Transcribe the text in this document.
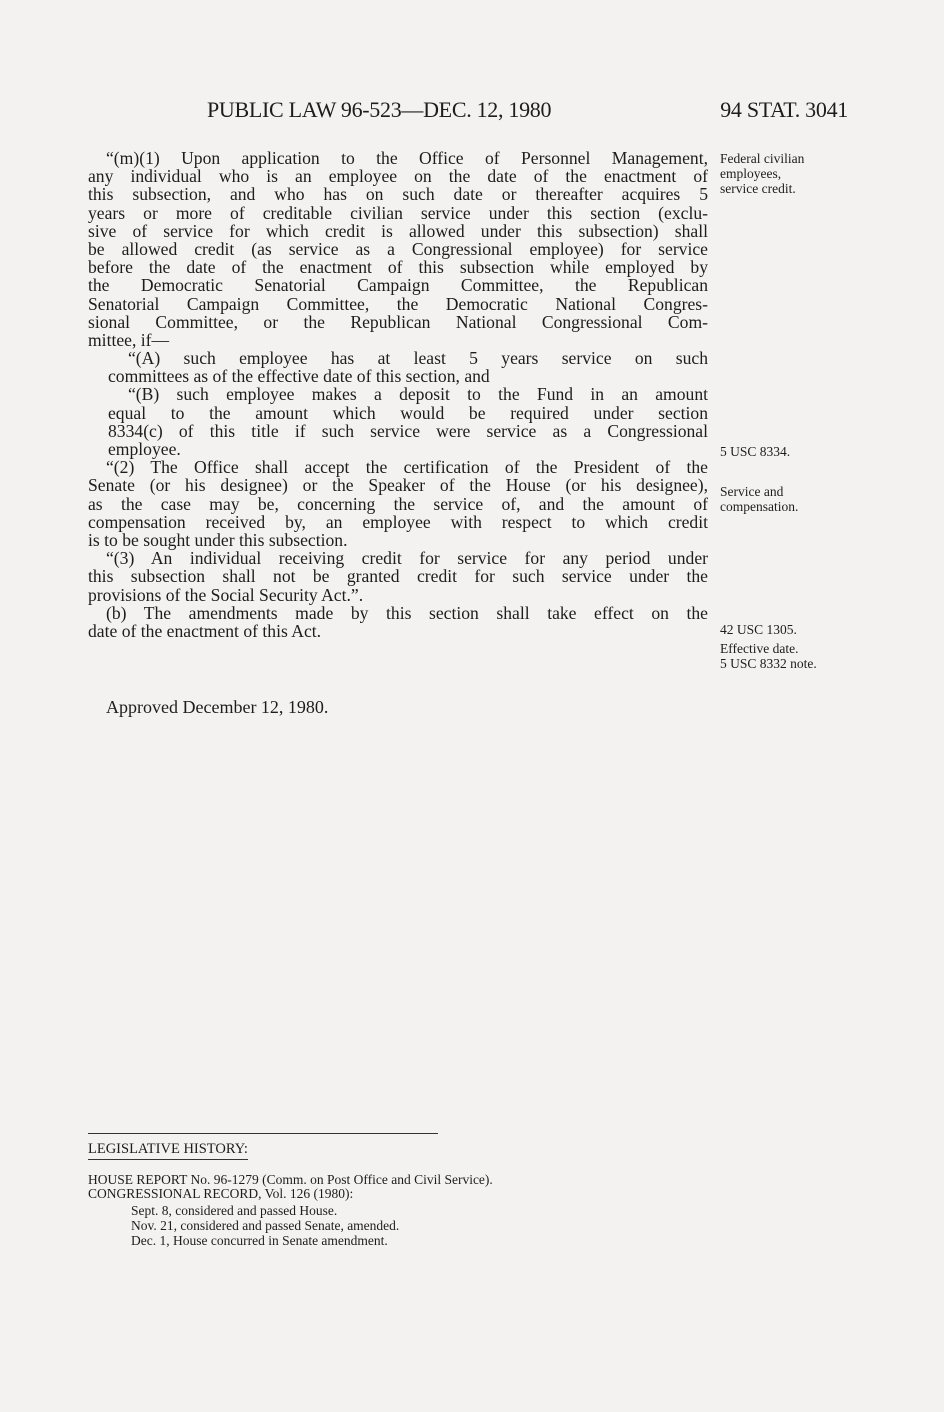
PUBLIC LAW 96-523—DEC. 12, 1980	94 STAT. 3041
“(m)(1) Upon application to the Office of Personnel Management,
any individual who is an employee on the date of the enactment of
this subsection, and who has on such date or thereafter acquires 5
years or more of creditable civilian service under this section (exclu-
sive of service for which credit is allowed under this subsection) shall
be allowed credit (as service as a Congressional employee) for service
before the date of the enactment of this subsection while employed by
the Democratic Senatorial Campaign Committee, the Republican
Senatorial Campaign Committee, the Democratic National Congres-
sional Committee, or the Republican National Congressional Com-
mittee, if—
“(A) such employee has at least 5 years service on such
committees as of the effective date of this section, and
“(B) such employee makes a deposit to the Fund in an amount
equal to the amount which would be required under section
8334(c) of this title if such service were service as a Congressional
employee.
“(2) The Office shall accept the certification of the President of the
Senate (or his designee) or the Speaker of the House (or his designee),
as the case may be, concerning the service of, and the amount of
compensation received by, an employee with respect to which credit
is to be sought under this subsection.
“(3) An individual receiving credit for service for any period under
this subsection shall not be granted credit for such service under the
provisions of the Social Security Act.”.
(b) The amendments made by this section shall take effect on the
date of the enactment of this Act.
Federal civilian
employees,
service credit.
5 USC 8334.
Service and
compensation.
42 USC 1305.
Effective date.
5 USC 8332 note.
Approved December 12, 1980.
LEGISLATIVE HISTORY:
HOUSE REPORT No. 96-1279 (Comm. on Post Office and Civil Service).
CONGRESSIONAL RECORD, Vol. 126 (1980):
Sept. 8, considered and passed House.
Nov. 21, considered and passed Senate, amended.
Dec. 1, House concurred in Senate amendment.
